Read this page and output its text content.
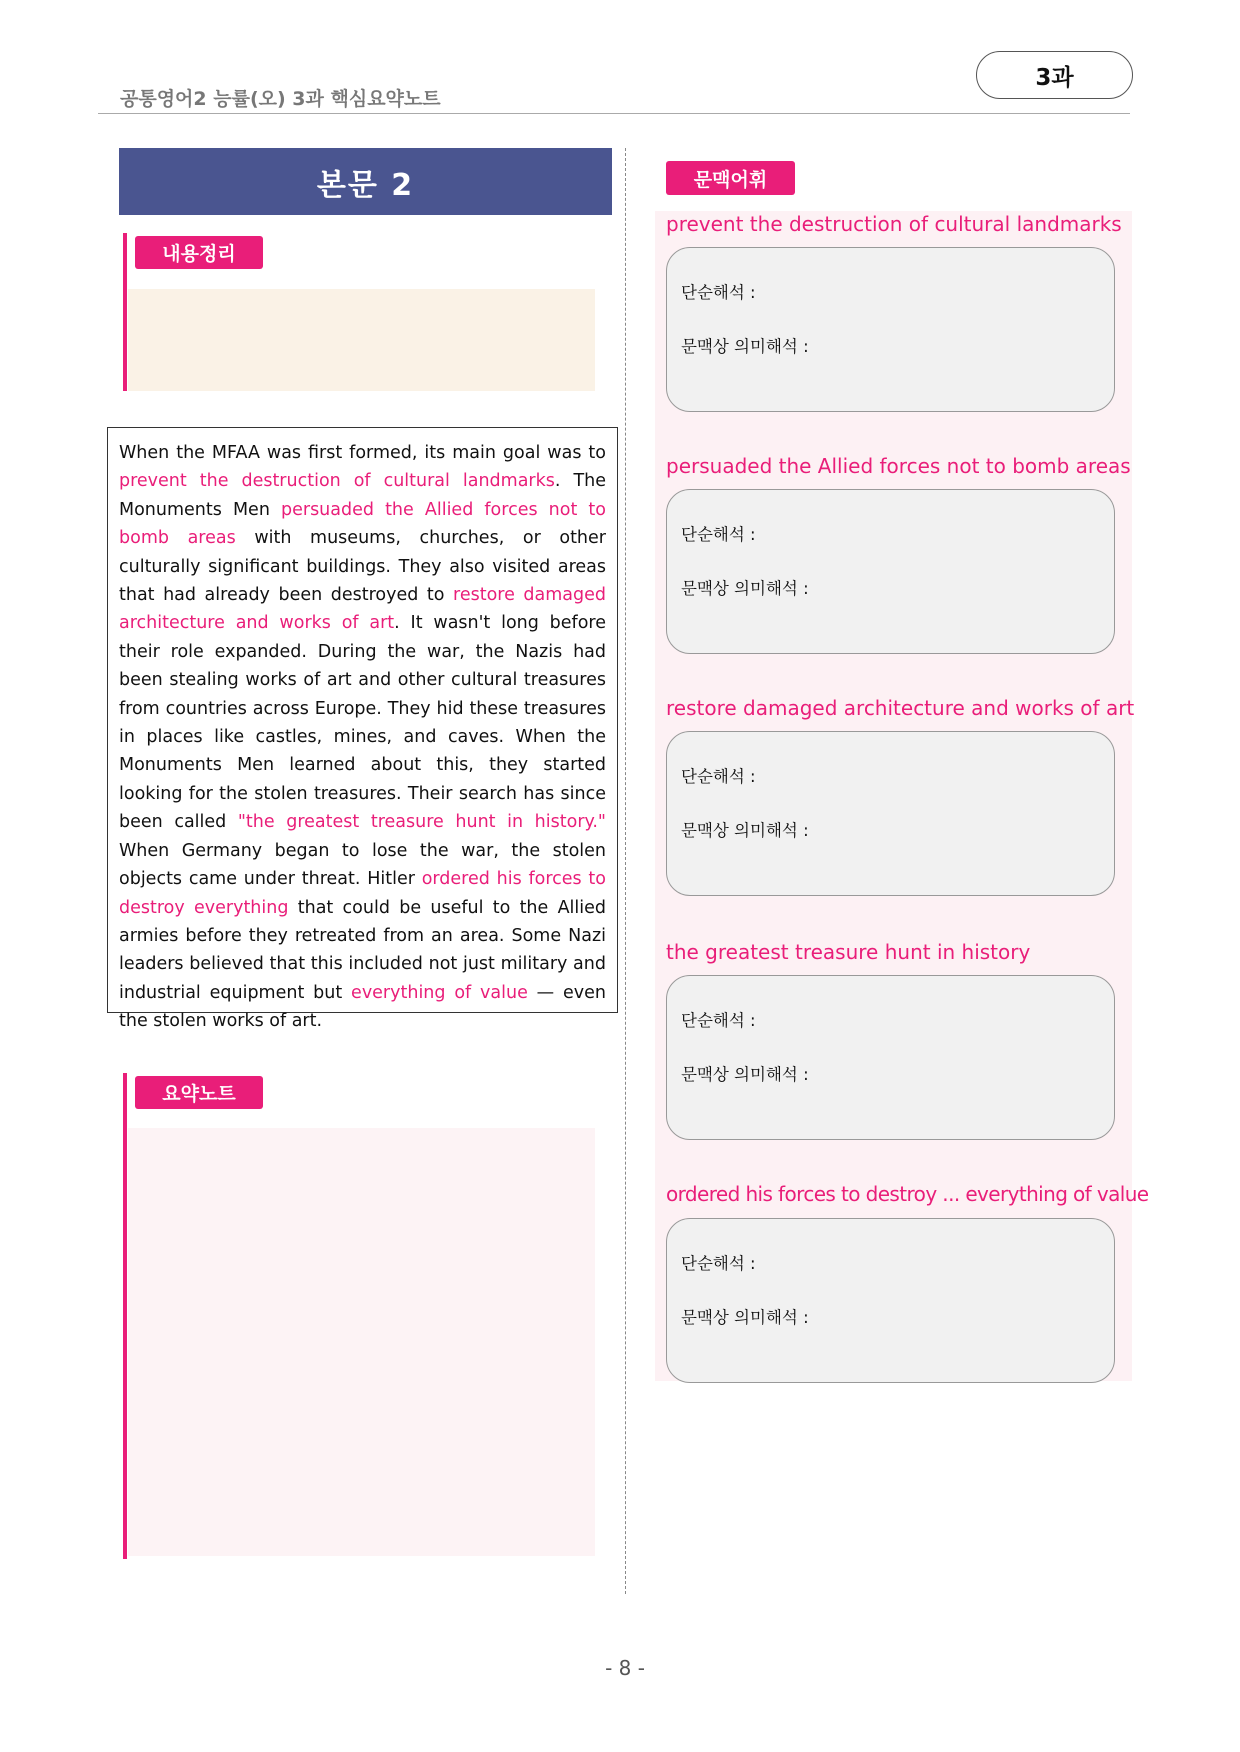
공통영어2 능률(오) 3과 핵심요약노트
3과
본문 2
내용정리
When the MFAA was first formed, its main goal was to prevent the destruction of cultural landmarks. The Monuments Men persuaded the Allied forces not to bomb areas with museums, churches, or other culturally significant buildings. They also visited areas that had already been destroyed to restore damaged architecture and works of art. It wasn't long before their role expanded. During the war, the Nazis had been stealing works of art and other cultural treasures from countries across Europe. They hid these treasures in places like castles, mines, and caves. When the Monuments Men learned about this, they started looking for the stolen treasures. Their search has since been called "the greatest treasure hunt in history." When Germany began to lose the war, the stolen objects came under threat. Hitler ordered his forces to destroy everything that could be useful to the Allied armies before they retreated from an area. Some Nazi leaders believed that this included not just military and industrial equipment but everything of value — even the stolen works of art.
요약노트
문맥어휘
prevent the destruction of cultural landmarks
단순해석 :
문맥상 의미해석 :
persuaded the Allied forces not to bomb areas
단순해석 :
문맥상 의미해석 :
restore damaged architecture and works of art
단순해석 :
문맥상 의미해석 :
the greatest treasure hunt in history
단순해석 :
문맥상 의미해석 :
ordered his forces to destroy ... everything of value
단순해석 :
문맥상 의미해석 :
- 8 -
